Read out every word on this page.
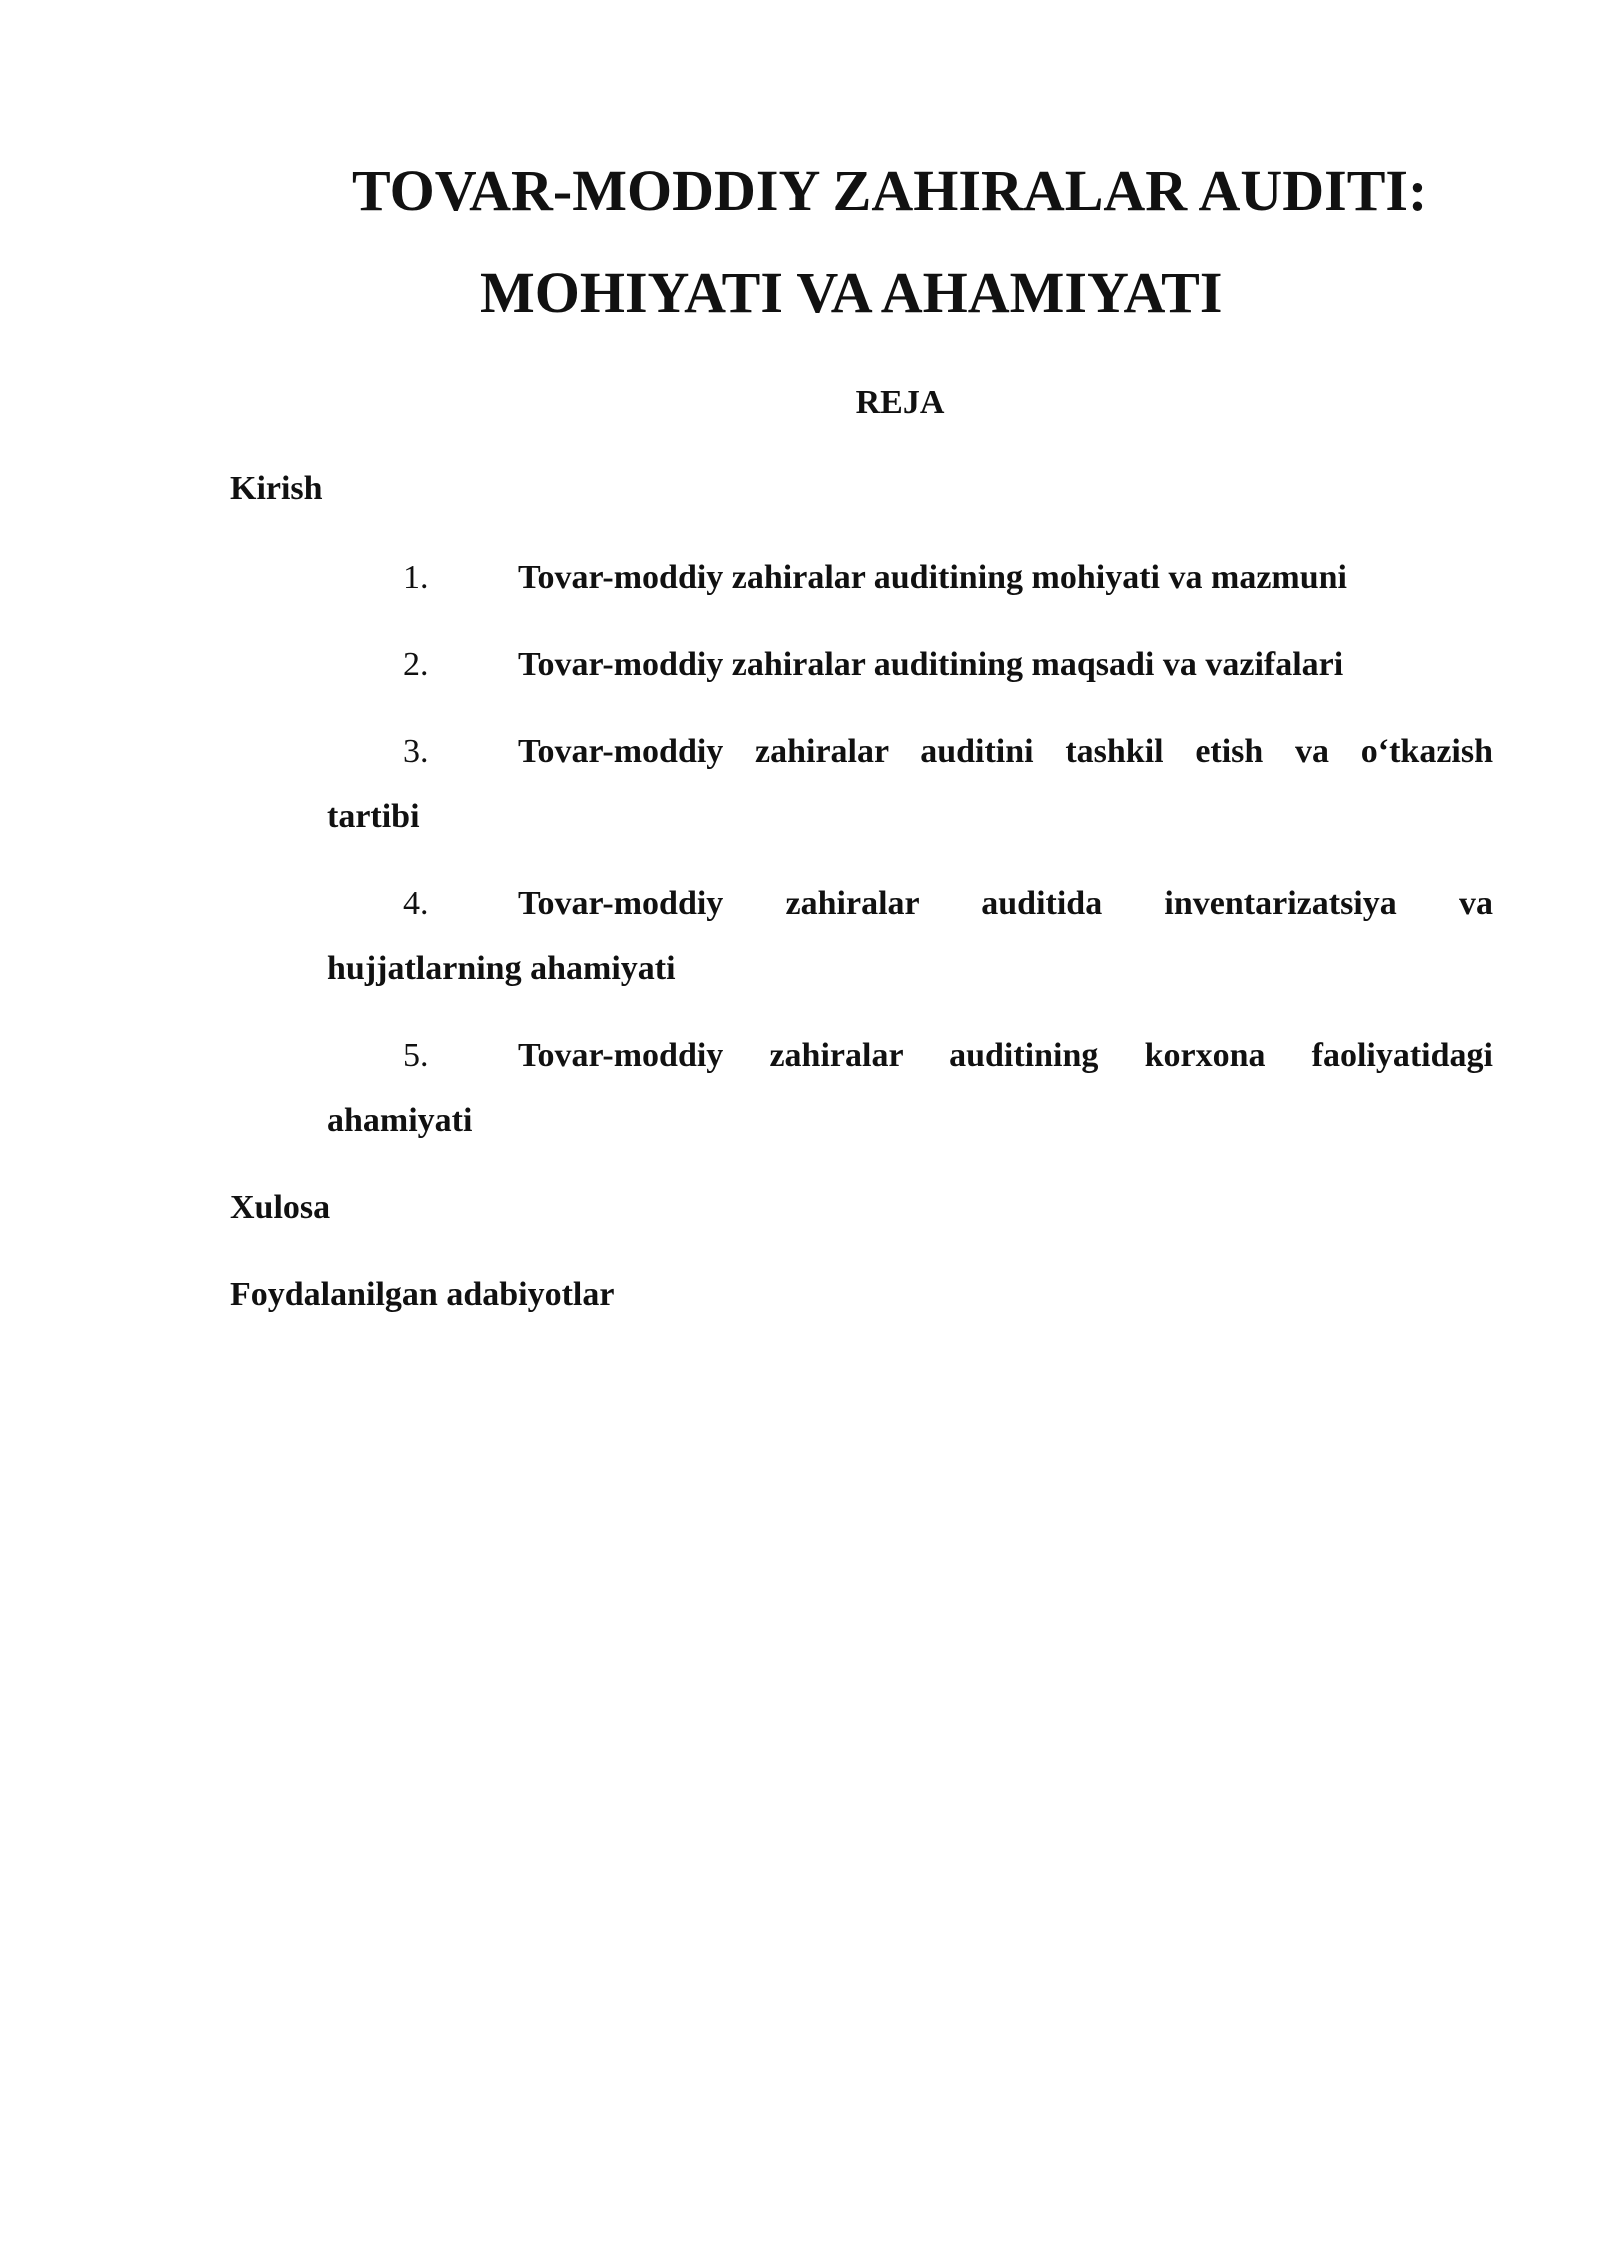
TOVAR-MODDIY ZAHIRALAR AUDITI:
MOHIYATI VA AHAMIYATI
REJA
Kirish
1.	Tovar-moddiy zahiralar auditining mohiyati va mazmuni
2.	Tovar-moddiy zahiralar auditining maqsadi va vazifalari
3.	Tovar-moddiy zahiralar auditini tashkil etish va o‘tkazish
tartibi
4.	Tovar-moddiy zahiralar auditida inventarizatsiya va
hujjatlarning ahamiyati
5.	Tovar-moddiy zahiralar auditining korxona faoliyatidagi
ahamiyati
Xulosa
Foydalanilgan adabiyotlar
